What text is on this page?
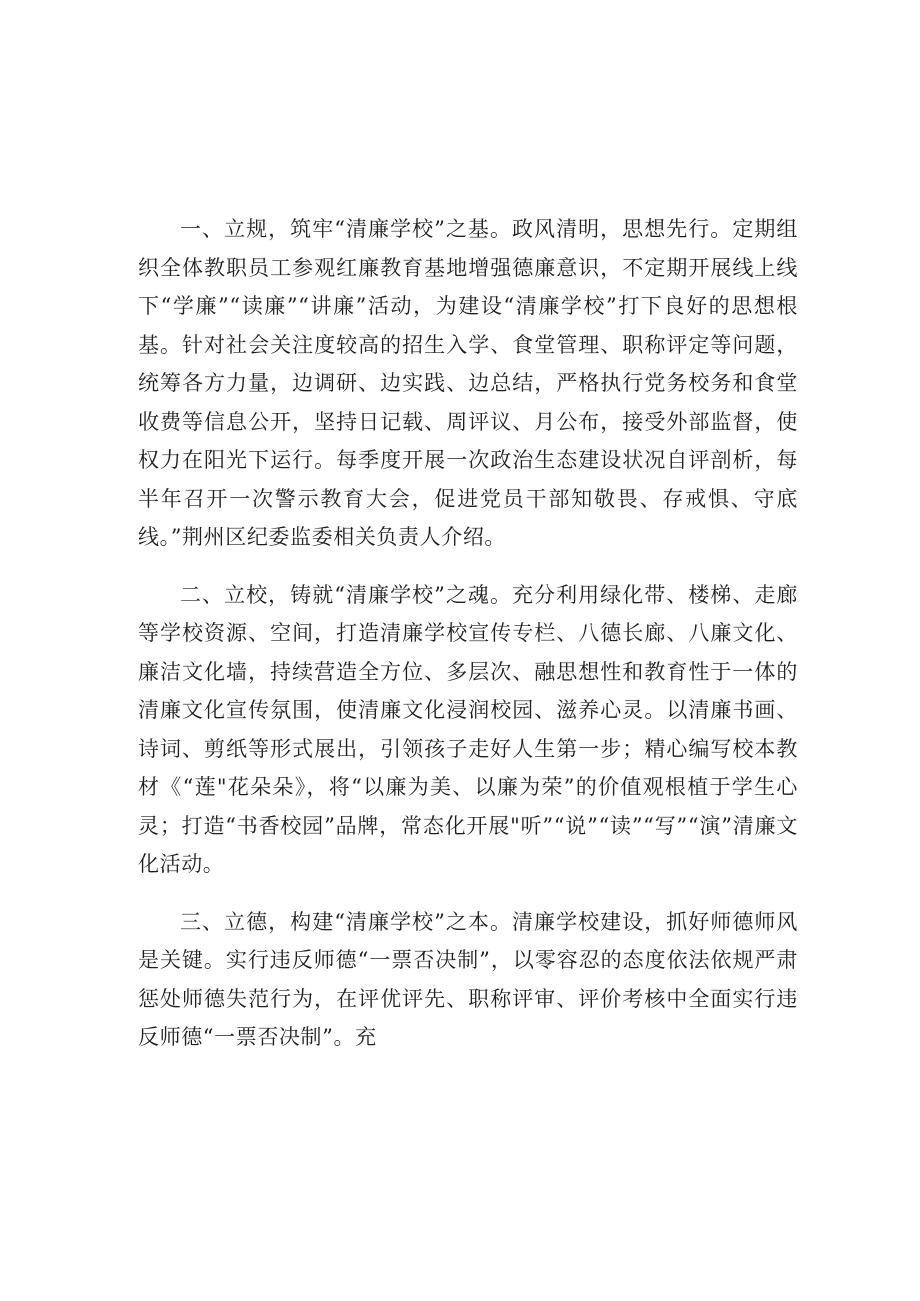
一、立规，筑牢“清廉学校”之基。政风清明，思想先行。定期组织全体教职员工参观红廉教育基地增强德廉意识，不定期开展线上线下“学廉”“读廉”“讲廉”活动，为建设“清廉学校”打下良好的思想根基。针对社会关注度较高的招生入学、食堂管理、职称评定等问题，统筹各方力量，边调研、边实践、边总结，严格执行党务校务和食堂收费等信息公开，坚持日记载、周评议、月公布，接受外部监督，使权力在阳光下运行。每季度开展一次政治生态建设状况自评剖析，每半年召开一次警示教育大会，促进党员干部知敬畏、存戒惧、守底线。”荆州区纪委监委相关负责人介绍。

二、立校，铸就“清廉学校”之魂。充分利用绿化带、楼梯、走廊等学校资源、空间，打造清廉学校宣传专栏、八德长廊、八廉文化、廉洁文化墙，持续营造全方位、多层次、融思想性和教育性于一体的清廉文化宣传氛围，使清廉文化浸润校园、滋养心灵。以清廉书画、诗词、剪纸等形式展出，引领孩子走好人生第一步；精心编写校本教材《“莲"花朵朵》，将“以廉为美、以廉为荣”的价值观根植于学生心灵；打造“书香校园”品牌，常态化开展"听”“说”“读”“写”“演”清廉文化活动。

三、立德，构建“清廉学校”之本。清廉学校建设，抓好师德师风是关键。实行违反师德“一票否决制”，以零容忍的态度依法依规严肃惩处师德失范行为，在评优评先、职称评审、评价考核中全面实行违反师德“一票否决制”。充
